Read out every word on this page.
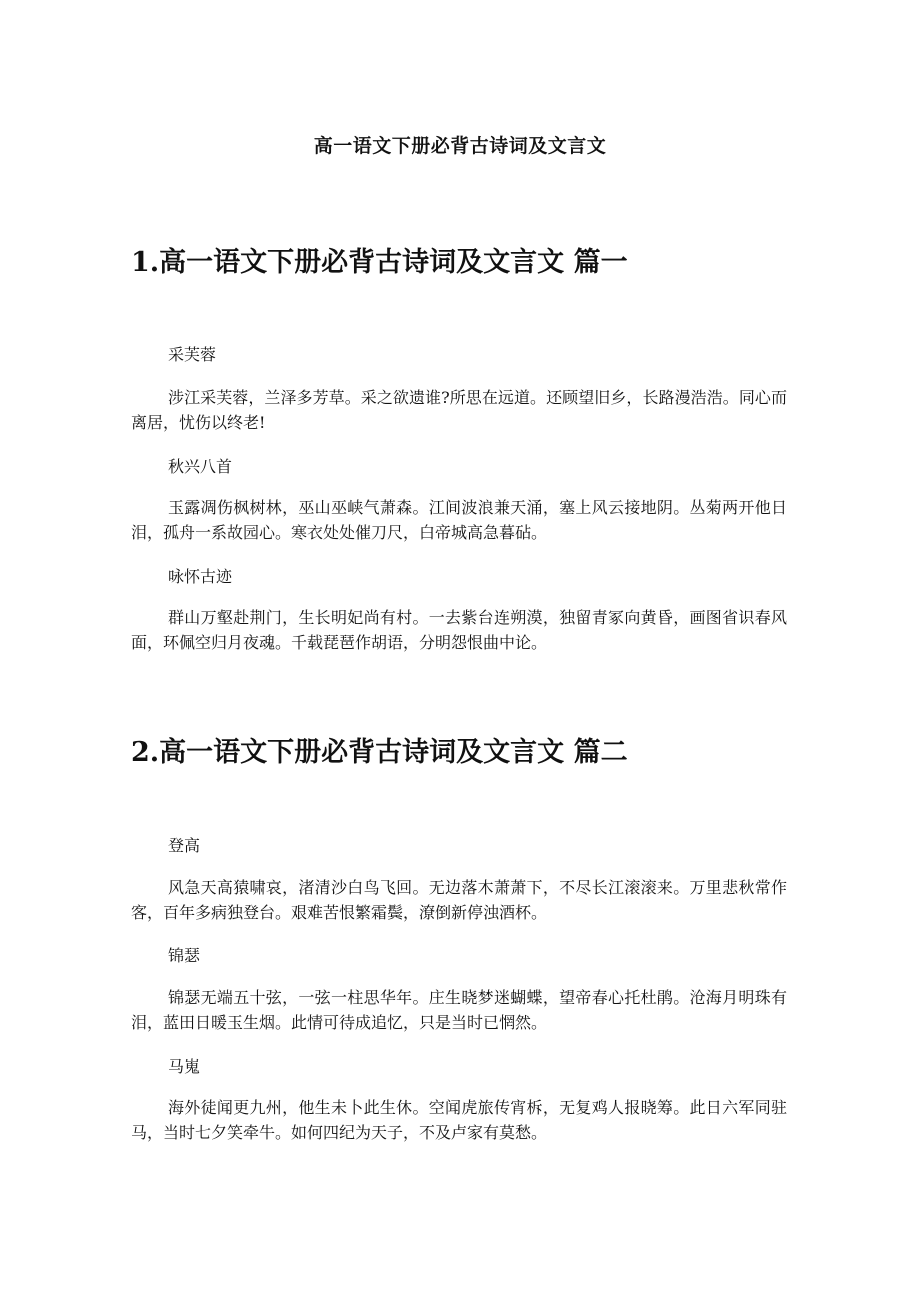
高一语文下册必背古诗词及文言文
1.高一语文下册必背古诗词及文言文 篇一
采芙蓉

涉江采芙蓉，兰泽多芳草。采之欲遗谁?所思在远道。还顾望旧乡，长路漫浩浩。同心而离居，忧伤以终老!

秋兴八首

玉露凋伤枫树林，巫山巫峡气萧森。江间波浪兼天涌，塞上风云接地阴。丛菊两开他日泪，孤舟一系故园心。寒衣处处催刀尺，白帝城高急暮砧。

咏怀古迹

群山万壑赴荆门，生长明妃尚有村。一去紫台连朔漠，独留青冢向黄昏，画图省识春风面，环佩空归月夜魂。千载琵琶作胡语，分明怨恨曲中论。

2.高一语文下册必背古诗词及文言文 篇二
登高

风急天高猿啸哀，渚清沙白鸟飞回。无边落木萧萧下，不尽长江滚滚来。万里悲秋常作客，百年多病独登台。艰难苦恨繁霜鬓，潦倒新停浊酒杯。

锦瑟

锦瑟无端五十弦，一弦一柱思华年。庄生晓梦迷蝴蝶，望帝春心托杜鹃。沧海月明珠有泪，蓝田日暖玉生烟。此情可待成追忆，只是当时已惘然。

马嵬

海外徒闻更九州，他生未卜此生休。空闻虎旅传宵柝，无复鸡人报晓筹。此日六军同驻马，当时七夕笑牵牛。如何四纪为天子，不及卢家有莫愁。
